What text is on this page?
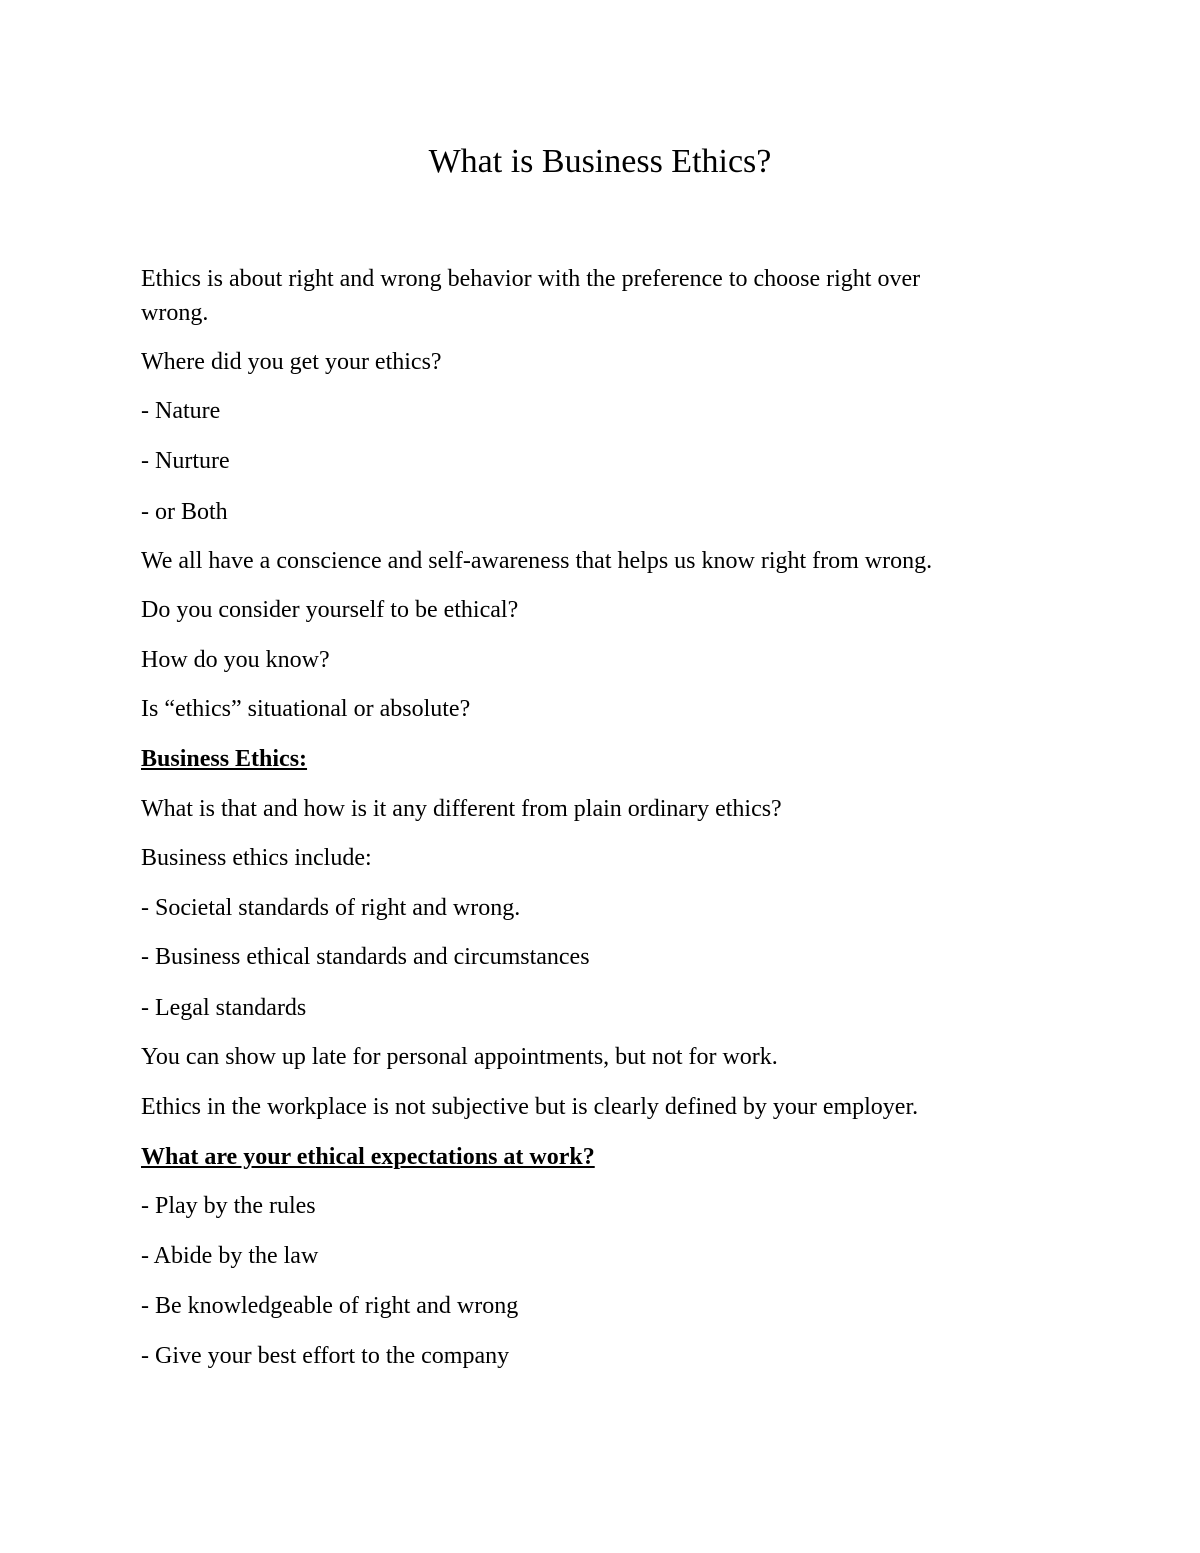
What is Business Ethics?

Ethics is about right and wrong behavior with the preference to choose right over

wrong.

Where did you get your ethics?

- Nature

- Nurture

- or Both

We all have a conscience and self-awareness that helps us know right from wrong.

Do you consider yourself to be ethical?

How do you know?

Is “ethics” situational or absolute?

Business Ethics:

What is that and how is it any different from plain ordinary ethics?

Business ethics include:

- Societal standards of right and wrong.

- Business ethical standards and circumstances

- Legal standards

You can show up late for personal appointments, but not for work.

Ethics in the workplace is not subjective but is clearly defined by your employer.

What are your ethical expectations at work?

- Play by the rules

- Abide by the law

- Be knowledgeable of right and wrong

- Give your best effort to the company
